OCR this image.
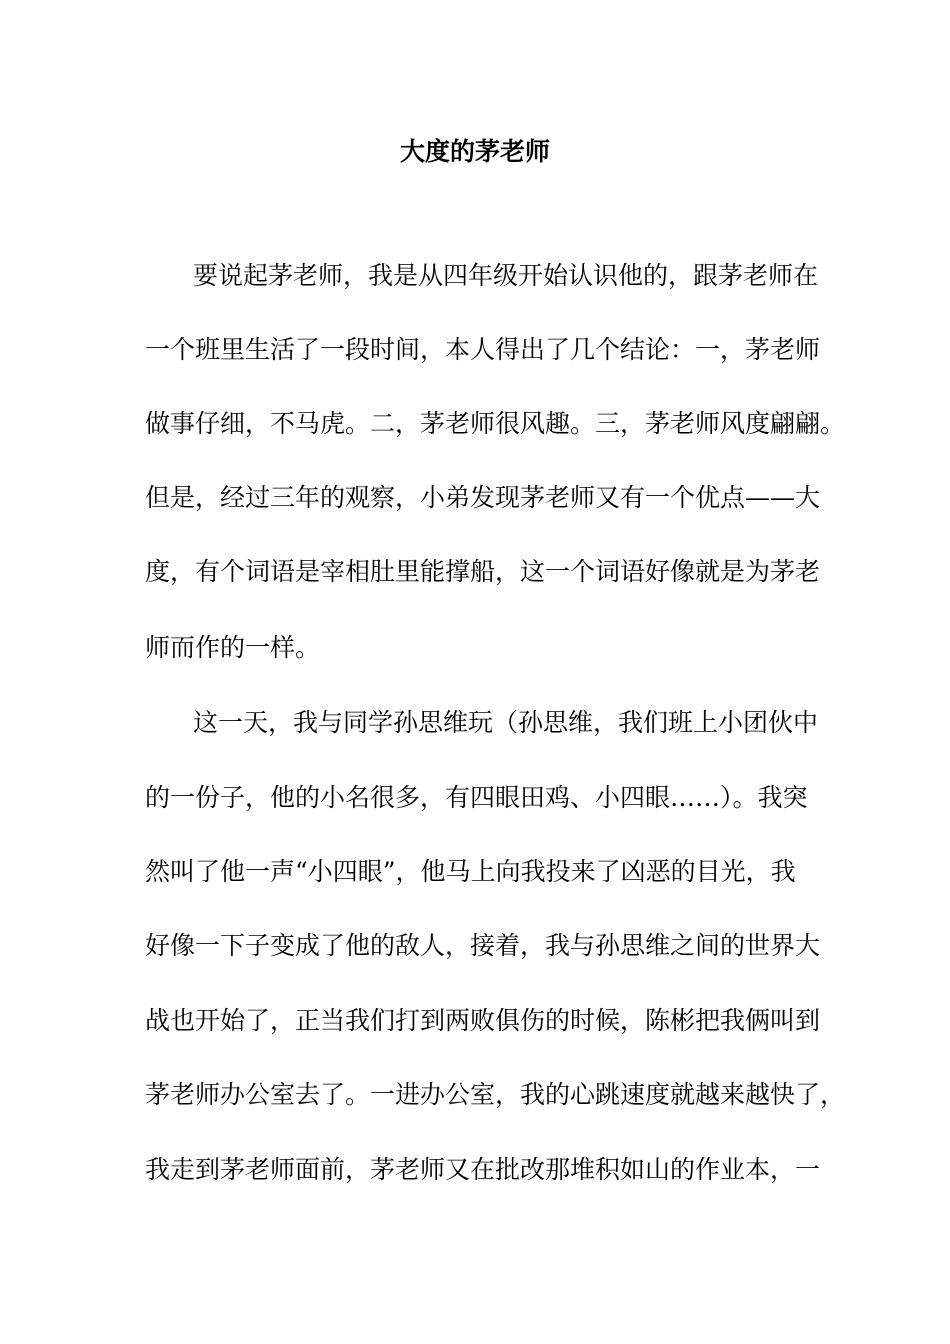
大度的茅老师
要说起茅老师，我是从四年级开始认识他的，跟茅老师在
一个班里生活了一段时间，本人得出了几个结论：一，茅老师
做事仔细，不马虎。二，茅老师很风趣。三，茅老师风度翩翩。
但是，经过三年的观察，小弟发现茅老师又有一个优点——大
度，有个词语是宰相肚里能撑船，这一个词语好像就是为茅老
师而作的一样。
这一天，我与同学孙思维玩（孙思维，我们班上小团伙中
的一份子，他的小名很多，有四眼田鸡、小四眼……）。我突
然叫了他一声“小四眼”，他马上向我投来了凶恶的目光，我
好像一下子变成了他的敌人，接着，我与孙思维之间的世界大
战也开始了，正当我们打到两败俱伤的时候，陈彬把我俩叫到
茅老师办公室去了。一进办公室，我的心跳速度就越来越快了，
我走到茅老师面前，茅老师又在批改那堆积如山的作业本，一
